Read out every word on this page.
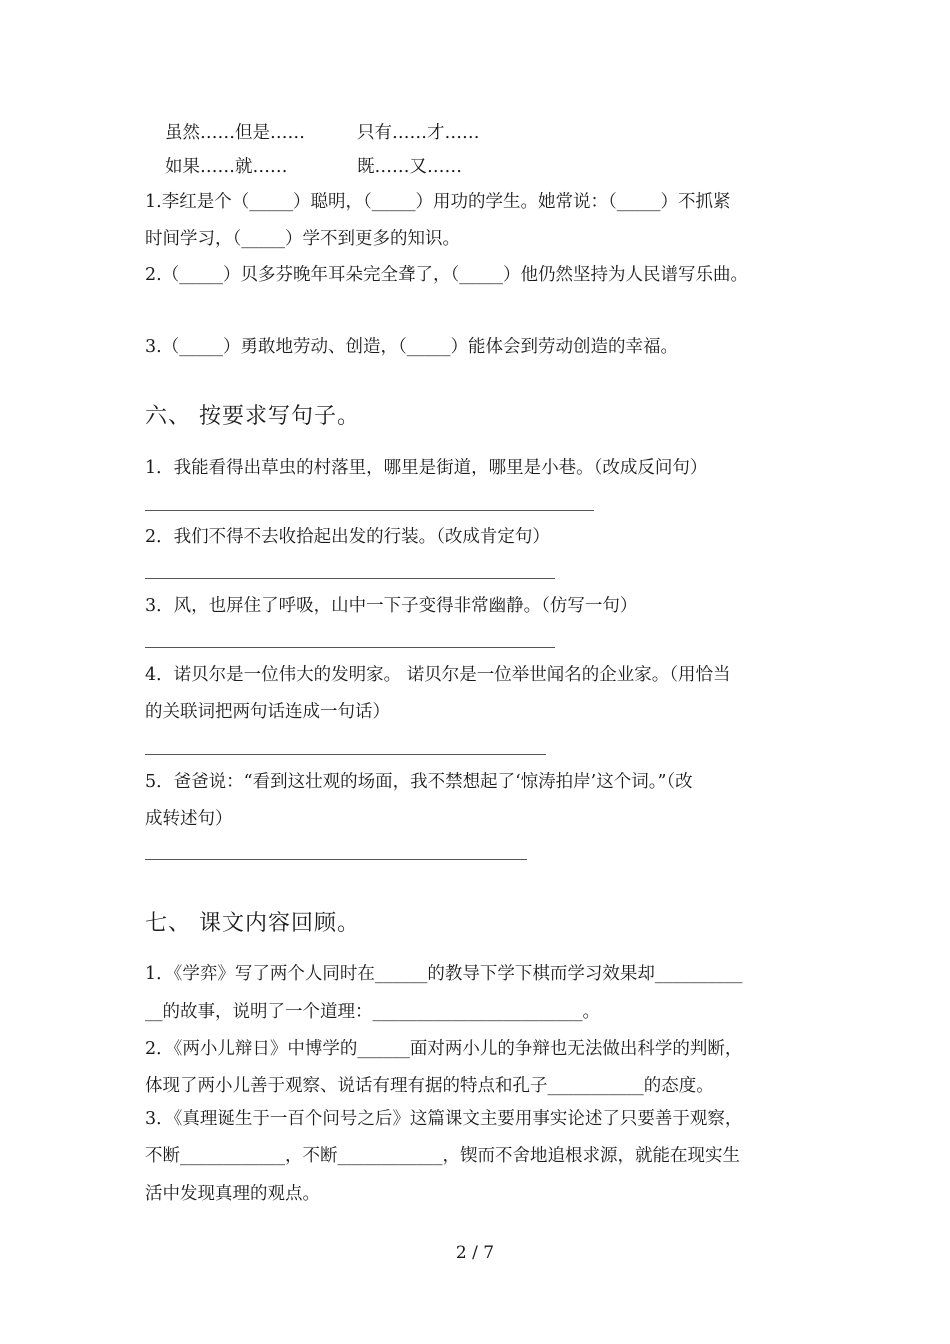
虽然……但是……	只有……才……
如果……就……	既……又……
1.李红是个（_____）聪明，（_____）用功的学生。她常说：（_____）不抓紧
时间学习，（_____）学不到更多的知识。
2.（_____）贝多芬晚年耳朵完全聋了，（_____）他仍然坚持为人民谱写乐曲。
3.（_____）勇敢地劳动、创造，（_____）能体会到劳动创造的幸福。
六、 按要求写句子。
1．我能看得出草虫的村落里，哪里是街道，哪里是小巷。（改成反问句）
2．我们不得不去收拾起出发的行装。（改成肯定句）
3．风，也屏住了呼吸，山中一下子变得非常幽静。（仿写一句）
4．诺贝尔是一位伟大的发明家。 诺贝尔是一位举世闻名的企业家。（用恰当
的关联词把两句话连成一句话）
5．爸爸说：“看到这壮观的场面，我不禁想起了‘惊涛拍岸’这个词。”（改
成转述句）
七、 课文内容回顾。
1．《学弈》写了两个人同时在______的教导下学下棋而学习效果却__________
__的故事，说明了一个道理：________________________。
2．《两小儿辩日》中博学的______面对两小儿的争辩也无法做出科学的判断，
体现了两小儿善于观察、说话有理有据的特点和孔子___________的态度。
3．《真理诞生于一百个问号之后》这篇课文主要用事实论述了只要善于观察，
不断____________，不断____________，锲而不舍地追根求源，就能在现实生
活中发现真理的观点。
2 / 7
